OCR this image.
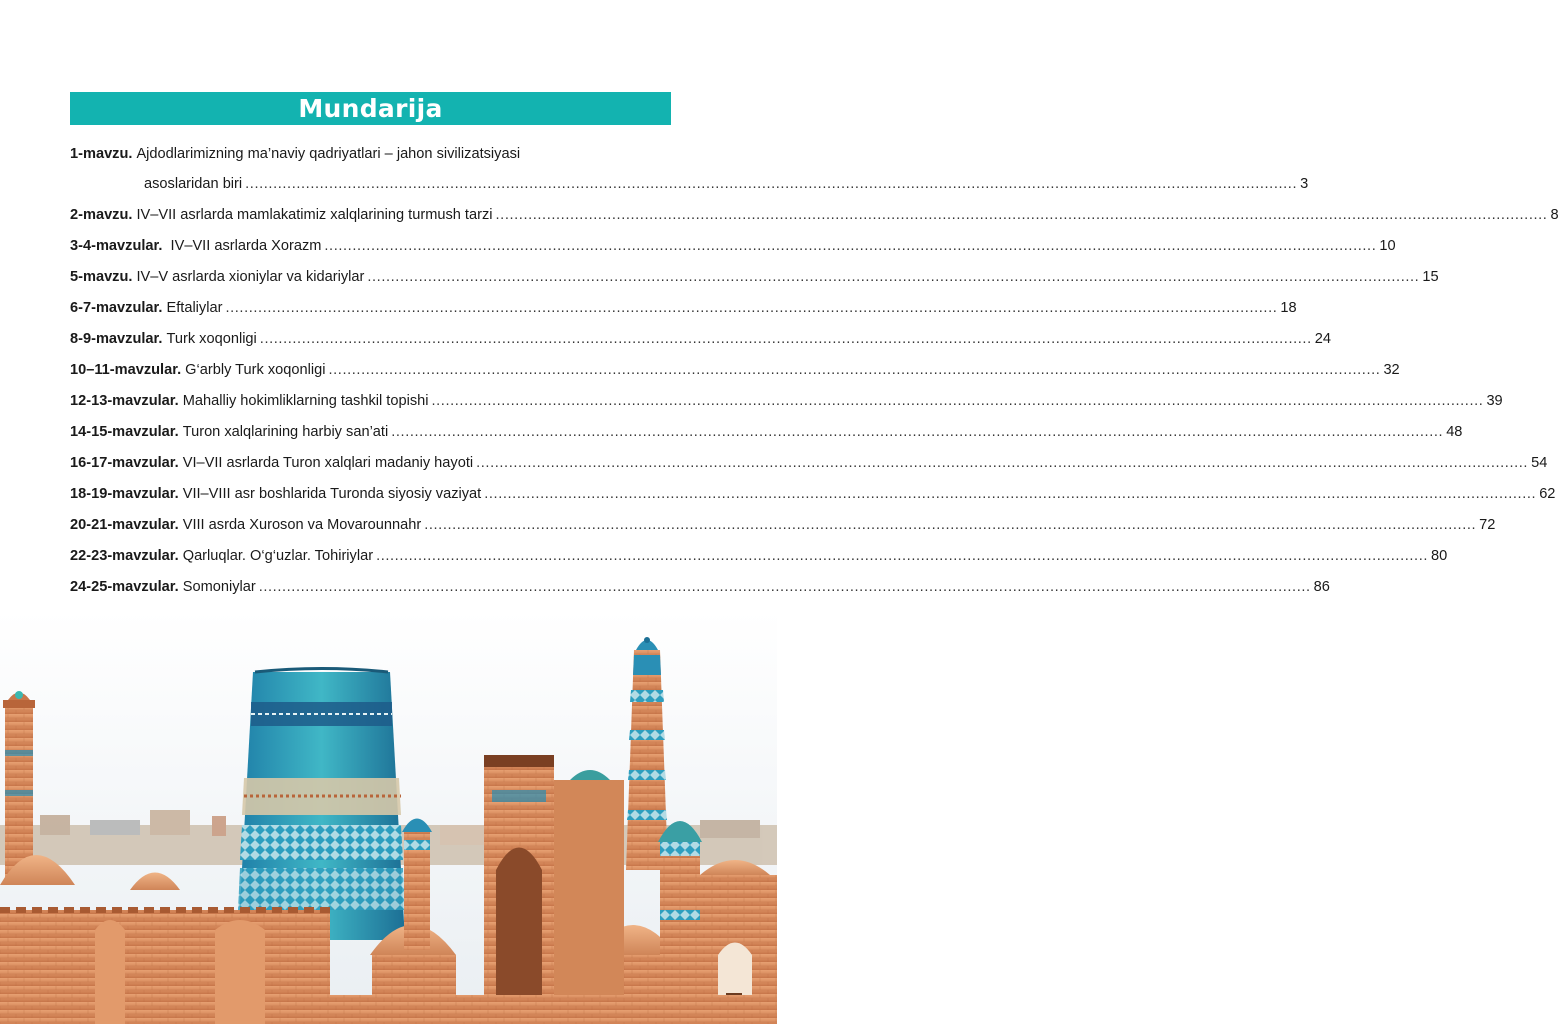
Mundarija
1-mavzu. Ajdodlarimizning ma’naviy qadriyatlari – jahon sivilizatsiyasi
asoslaridan biri .....	3
2-mavzu. IV–VII asrlarda mamlakatimiz xalqlarining turmush tarzi .....	8
3-4-mavzular. IV–VII asrlarda Xorazm .....	10
5-mavzu. IV–V asrlarda xioniylar va kidariylar .....	15
6-7-mavzular. Eftaliylar .....	18
8-9-mavzular. Turk xoqonligi .....	24
10–11-mavzular. G‘arbly Turk xoqonligi .....	32
12-13-mavzular. Mahalliy hokimliklarning tashkil topishi .....	39
14-15-mavzular. Turon xalqlarining harbiy san’ati .....	48
16-17-mavzular. VI–VII asrlarda Turon xalqlari madaniy hayoti .....	54
18-19-mavzular. VII–VIII asr boshlarida Turonda siyosiy vaziyat .....	62
20-21-mavzular. VIII asrda Xuroson va Movarounnahr .....	72
22-23-mavzular. Qarluqlar. O‘g‘uzlar. Tohiriylar .....	80
24-25-mavzular. Somoniylar .....	86
